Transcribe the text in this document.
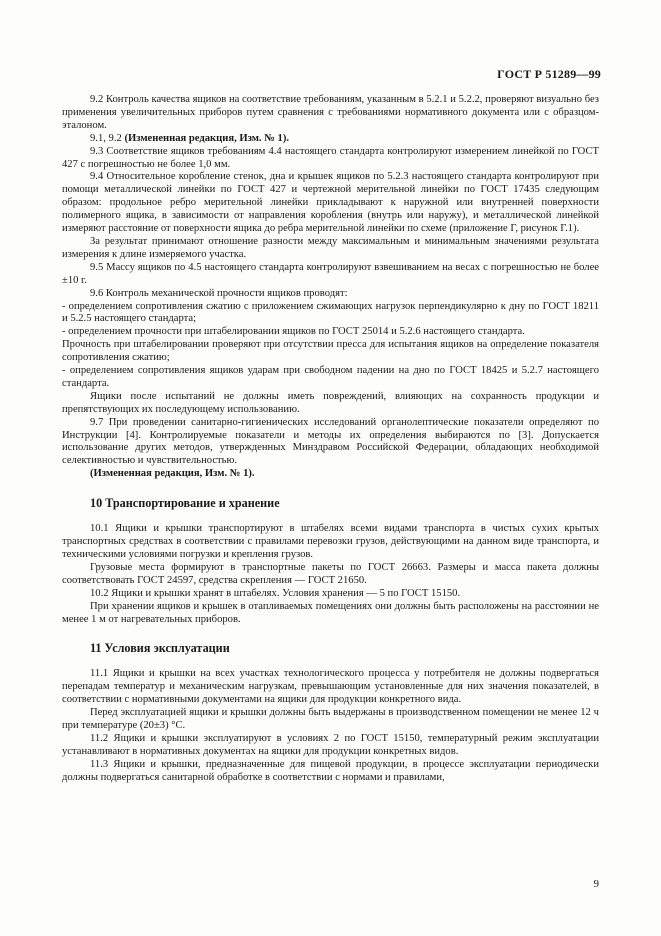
ГОСТ Р 51289—99

9.2 Контроль качества ящиков на соответствие требованиям, указанным в 5.2.1 и 5.2.2, проверяют визуально без применения увеличительных приборов путем сравнения с требованиями нормативного документа или с образцом-эталоном.

9.1, 9.2 (Измененная редакция, Изм. № 1).

9.3 Соответствие ящиков требованиям 4.4 настоящего стандарта контролируют измерением линейкой по ГОСТ 427 с погрешностью не более 1,0 мм.

9.4 Относительное коробление стенок, дна и крышек ящиков по 5.2.3 настоящего стандарта контролируют при помощи металлической линейки по ГОСТ 427 и чертежной мерительной линейки по ГОСТ 17435 следующим образом: продольное ребро мерительной линейки прикладывают к наружной или внутренней поверхности полимерного ящика, в зависимости от направления коробления (внутрь или наружу), и металлической линейкой измеряют расстояние от поверхности ящика до ребра мерительной линейки по схеме (приложение Г, рисунок Г.1).

За результат принимают отношение разности между максимальным и минимальным значениями результата измерения к длине измеряемого участка.

9.5 Массу ящиков по 4.5 настоящего стандарта контролируют взвешиванием на весах с погрешностью не более ±10 г.

9.6 Контроль механической прочности ящиков проводят:

- определением сопротивления сжатию с приложением сжимающих нагрузок перпендикулярно к дну по ГОСТ 18211 и 5.2.5 настоящего стандарта;

- определением прочности при штабелировании ящиков по ГОСТ 25014 и 5.2.6 настоящего стандарта.

Прочность при штабелировании проверяют при отсутствии пресса для испытания ящиков на определение показателя сопротивления сжатию;

- определением сопротивления ящиков ударам при свободном падении на дно по ГОСТ 18425 и 5.2.7 настоящего стандарта.

Ящики после испытаний не должны иметь повреждений, влияющих на сохранность продукции и препятствующих их последующему использованию.

9.7 При проведении санитарно-гигиенических исследований органолептические показатели определяют по Инструкции [4]. Контролируемые показатели и методы их определения выбираются по [3]. Допускается использование других методов, утвержденных Минздравом Российской Федерации, обладающих необходимой селективностью и чувствительностью.

(Измененная редакция, Изм. № 1).

10 Транспортирование и хранение

10.1 Ящики и крышки транспортируют в штабелях всеми видами транспорта в чистых сухих крытых транспортных средствах в соответствии с правилами перевозки грузов, действующими на данном виде транспорта, и техническими условиями погрузки и крепления грузов.

Грузовые места формируют в транспортные пакеты по ГОСТ 26663. Размеры и масса пакета должны соответствовать ГОСТ 24597, средства скрепления — ГОСТ 21650.

10.2 Ящики и крышки хранят в штабелях. Условия хранения — 5 по ГОСТ 15150.

При хранении ящиков и крышек в отапливаемых помещениях они должны быть расположены на расстоянии не менее 1 м от нагревательных приборов.

11 Условия эксплуатации

11.1 Ящики и крышки на всех участках технологического процесса у потребителя не должны подвергаться перепадам температур и механическим нагрузкам, превышающим установленные для них значения показателей, в соответствии с нормативными документами на ящики для продукции конкретного вида.

Перед эксплуатацией ящики и крышки должны быть выдержаны в производственном помещении не менее 12 ч при температуре (20±3) °С.

11.2 Ящики и крышки эксплуатируют в условиях 2 по ГОСТ 15150, температурный режим эксплуатации устанавливают в нормативных документах на ящики для продукции конкретных видов.

11.3 Ящики и крышки, предназначенные для пищевой продукции, в процессе эксплуатации периодически должны подвергаться санитарной обработке в соответствии с нормами и правилами,

9
